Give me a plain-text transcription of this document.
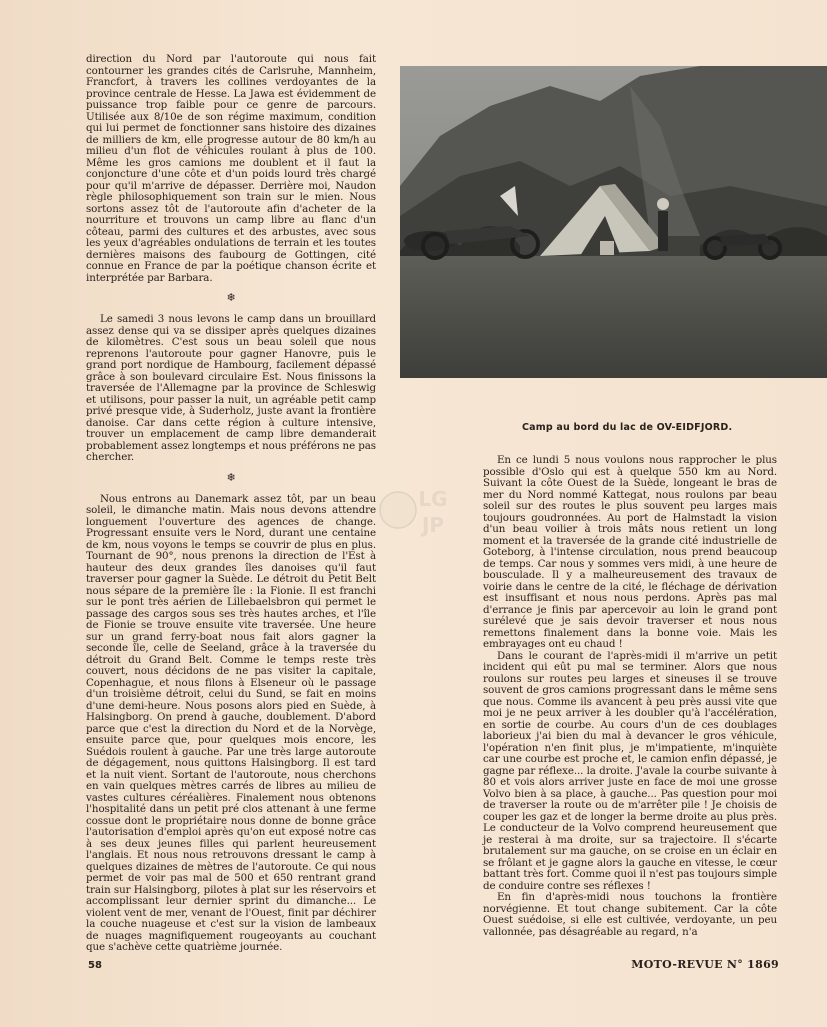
direction du Nord par l'autoroute qui nous fait contourner les grandes cités de Carlsruhe, Mannheim, Francfort, à travers les collines verdoyantes de la province centrale de Hesse. La Jawa est évidemment de puissance trop faible pour ce genre de parcours. Utilisée aux 8/10e de son régime maximum, condition qui lui permet de fonctionner sans histoire des dizaines de milliers de km, elle progresse autour de 80 km/h au milieu d'un flot de véhicules roulant à plus de 100. Même les gros camions me doublent et il faut la conjoncture d'une côte et d'un poids lourd très chargé pour qu'il m'arrive de dépasser. Derrière moi, Naudon règle philosophiquement son train sur le mien. Nous sortons assez tôt de l'autoroute afin d'acheter de la nourriture et trouvons un camp libre au flanc d'un côteau, parmi des cultures et des arbustes, avec sous les yeux d'agréables ondulations de terrain et les toutes dernières maisons des faubourg de Gottingen, cité connue en France de par la poétique chanson écrite et interprétée par Barbara.

❄

Le samedi 3 nous levons le camp dans un brouillard assez dense qui va se dissiper après quelques dizaines de kilomètres. C'est sous un beau soleil que nous reprenons l'autoroute pour gagner Hanovre, puis le grand port nordique de Hambourg, facilement dépassé grâce à son boulevard circulaire Est. Nous finissons la traversée de l'Allemagne par la province de Schleswig et utilisons, pour passer la nuit, un agréable petit camp privé presque vide, à Suderholz, juste avant la frontière danoise. Car dans cette région à culture intensive, trouver un emplacement de camp libre demanderait probablement assez longtemps et nous préférons ne pas chercher.

❄

Nous entrons au Danemark assez tôt, par un beau soleil, le dimanche matin. Mais nous devons attendre longuement l'ouverture des agences de change. Progressant ensuite vers le Nord, durant une centaine de km, nous voyons le temps se couvrir de plus en plus. Tournant de 90°, nous prenons la direction de l'Est à hauteur des deux grandes îles danoises qu'il faut traverser pour gagner la Suède. Le détroit du Petit Belt nous sépare de la première île : la Fionie. Il est franchi sur le pont très aérien de Lillebaelsbron qui permet le passage des cargos sous ses très hautes arches, et l'île de Fionie se trouve ensuite vite traversée. Une heure sur un grand ferry-boat nous fait alors gagner la seconde île, celle de Seeland, grâce à la traversée du détroit du Grand Belt. Comme le temps reste très couvert, nous décidons de ne pas visiter la capitale, Copenhague, et nous filons à Elseneur où le passage d'un troisième détroit, celui du Sund, se fait en moins d'une demi-heure. Nous posons alors pied en Suède, à Halsingborg. On prend à gauche, doublement. D'abord parce que c'est la direction du Nord et de la Norvège, ensuite parce que, pour quelques mois encore, les Suédois roulent à gauche. Par une très large autoroute de dégagement, nous quittons Halsingborg. Il est tard et la nuit vient. Sortant de l'autoroute, nous cherchons en vain quelques mètres carrés de libres au milieu de vastes cultures céréalières. Finalement nous obtenons l'hospitalité dans un petit pré clos attenant à une ferme cossue dont le propriétaire nous donne de bonne grâce l'autorisation d'emploi après qu'on eut exposé notre cas à ses deux jeunes filles qui parlent heureusement l'anglais. Et nous nous retrouvons dressant le camp à quelques dizaines de mètres de l'autoroute. Ce qui nous permet de voir pas mal de 500 et 650 rentrant grand train sur Halsingborg, pilotes à plat sur les réservoirs et accomplissant leur dernier sprint du dimanche... Le violent vent de mer, venant de l'Ouest, finit par déchirer la couche nuageuse et c'est sur la vision de lambeaux de nuages magnifiquement rougeoyants au couchant que s'achève cette quatrième journée.

Camp au bord du lac de OV-EIDFJORD.

En ce lundi 5 nous voulons nous rapprocher le plus possible d'Oslo qui est à quelque 550 km au Nord. Suivant la côte Ouest de la Suède, longeant le bras de mer du Nord nommé Kattegat, nous roulons par beau soleil sur des routes le plus souvent peu larges mais toujours goudronnées. Au port de Halmstadt la vision d'un beau voilier à trois mâts nous retient un long moment et la traversée de la grande cité industrielle de Goteborg, à l'intense circulation, nous prend beaucoup de temps. Car nous y sommes vers midi, à une heure de bousculade. Il y a malheureusement des travaux de voirie dans le centre de la cité, le fléchage de dérivation est insuffisant et nous nous perdons. Après pas mal d'errance je finis par apercevoir au loin le grand pont surélevé que je sais devoir traverser et nous nous remettons finalement dans la bonne voie. Mais les embrayages ont eu chaud !

Dans le courant de l'après-midi il m'arrive un petit incident qui eût pu mal se terminer. Alors que nous roulons sur routes peu larges et sineuses il se trouve souvent de gros camions progressant dans le même sens que nous. Comme ils avancent à peu près aussi vite que moi je ne peux arriver à les doubler qu'à l'accélération, en sortie de courbe. Au cours d'un de ces doublages laborieux j'ai bien du mal à devancer le gros véhicule, l'opération n'en finit plus, je m'impatiente, m'inquiète car une courbe est proche et, le camion enfin dépassé, je gagne par réflexe... la droite. J'avale la courbe suivante à 80 et vois alors arriver juste en face de moi une grosse Volvo bien à sa place, à gauche... Pas question pour moi de traverser la route ou de m'arrêter pile ! Je choisis de couper les gaz et de longer la berme droite au plus près. Le conducteur de la Volvo comprend heureusement que je resterai à ma droite, sur sa trajectoire. Il s'écarte brutalement sur ma gauche, on se croise en un éclair en se frôlant et je gagne alors la gauche en vitesse, le cœur battant très fort. Comme quoi il n'est pas toujours simple de conduire contre ses réflexes !

En fin d'après-midi nous touchons la frontière norvégienne. Et tout change subitement. Car la côte Ouest suédoise, si elle est cultivée, verdoyante, un peu vallonnée, pas désagréable au regard, n'a

LG
JP
58	MOTO-REVUE N° 1869
